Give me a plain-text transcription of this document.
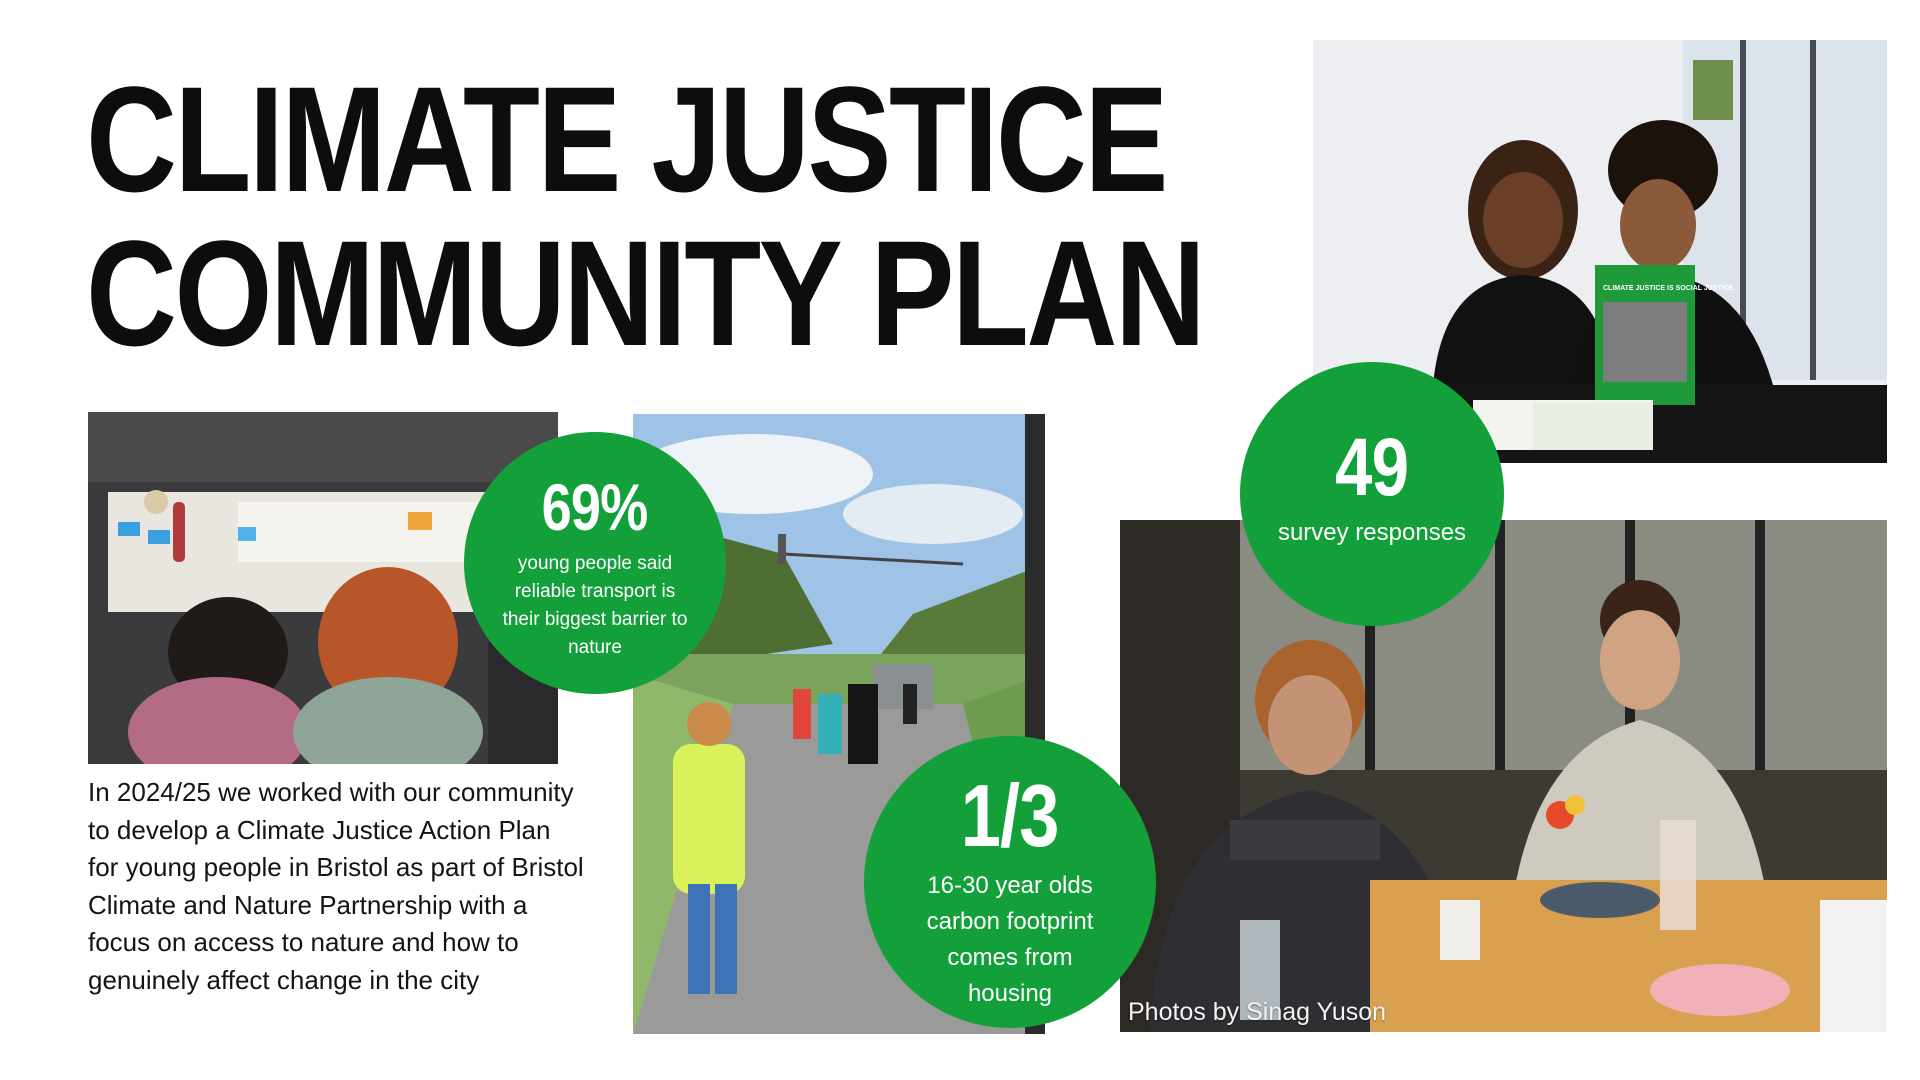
CLIMATE JUSTICE
COMMUNITY PLAN	CLIMATE JUSTICE IS SOCIAL JUSTICE

In 2024/25 we worked with our community to develop a Climate Justice Action Plan for young people in Bristol as part of Bristol Climate and Nature Partnership with a focus on access to nature and how to genuinely affect change in the city

69%
young people said reliable transport is their biggest barrier to nature
49
survey responses
1/3
16-30 year olds carbon footprint comes from housing
Photos by Sinag Yuson
